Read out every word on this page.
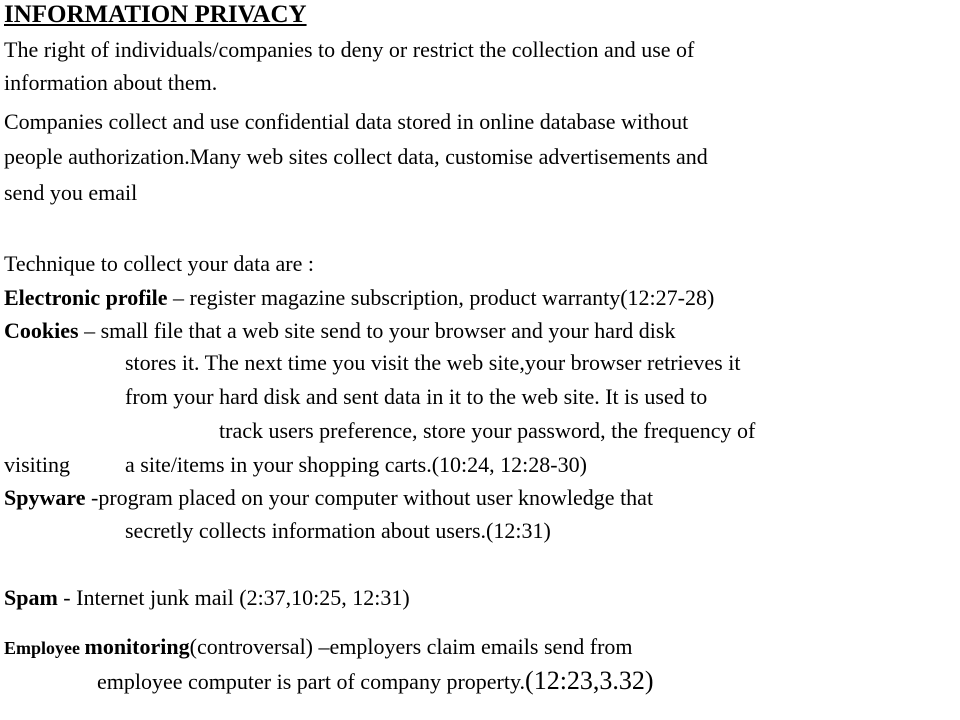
INFORMATION PRIVACY
The right of individuals/companies to deny or restrict the collection and use of
information about them.
Companies collect and use confidential data stored in online database without
people authorization.Many web sites collect data, customise advertisements and
send you email
Technique to collect your data are :
Electronic profile – register magazine subscription, product warranty(12:27-28)
Cookies – small file that a web site send to your browser and your hard disk
stores it. The next time you visit the web site,your browser retrieves it
from your hard disk and sent data in it to the web site. It is used to
track users preference, store your password, the frequency of
visiting a site/items in your shopping carts.(10:24, 12:28-30)
Spyware -program placed on your computer without user knowledge that
secretly collects information about users.(12:31)
Spam - Internet junk mail (2:37,10:25, 12:31)
Employee monitoring(controversal) –employers claim emails send from
employee computer is part of company property.(12:23,3.32)
